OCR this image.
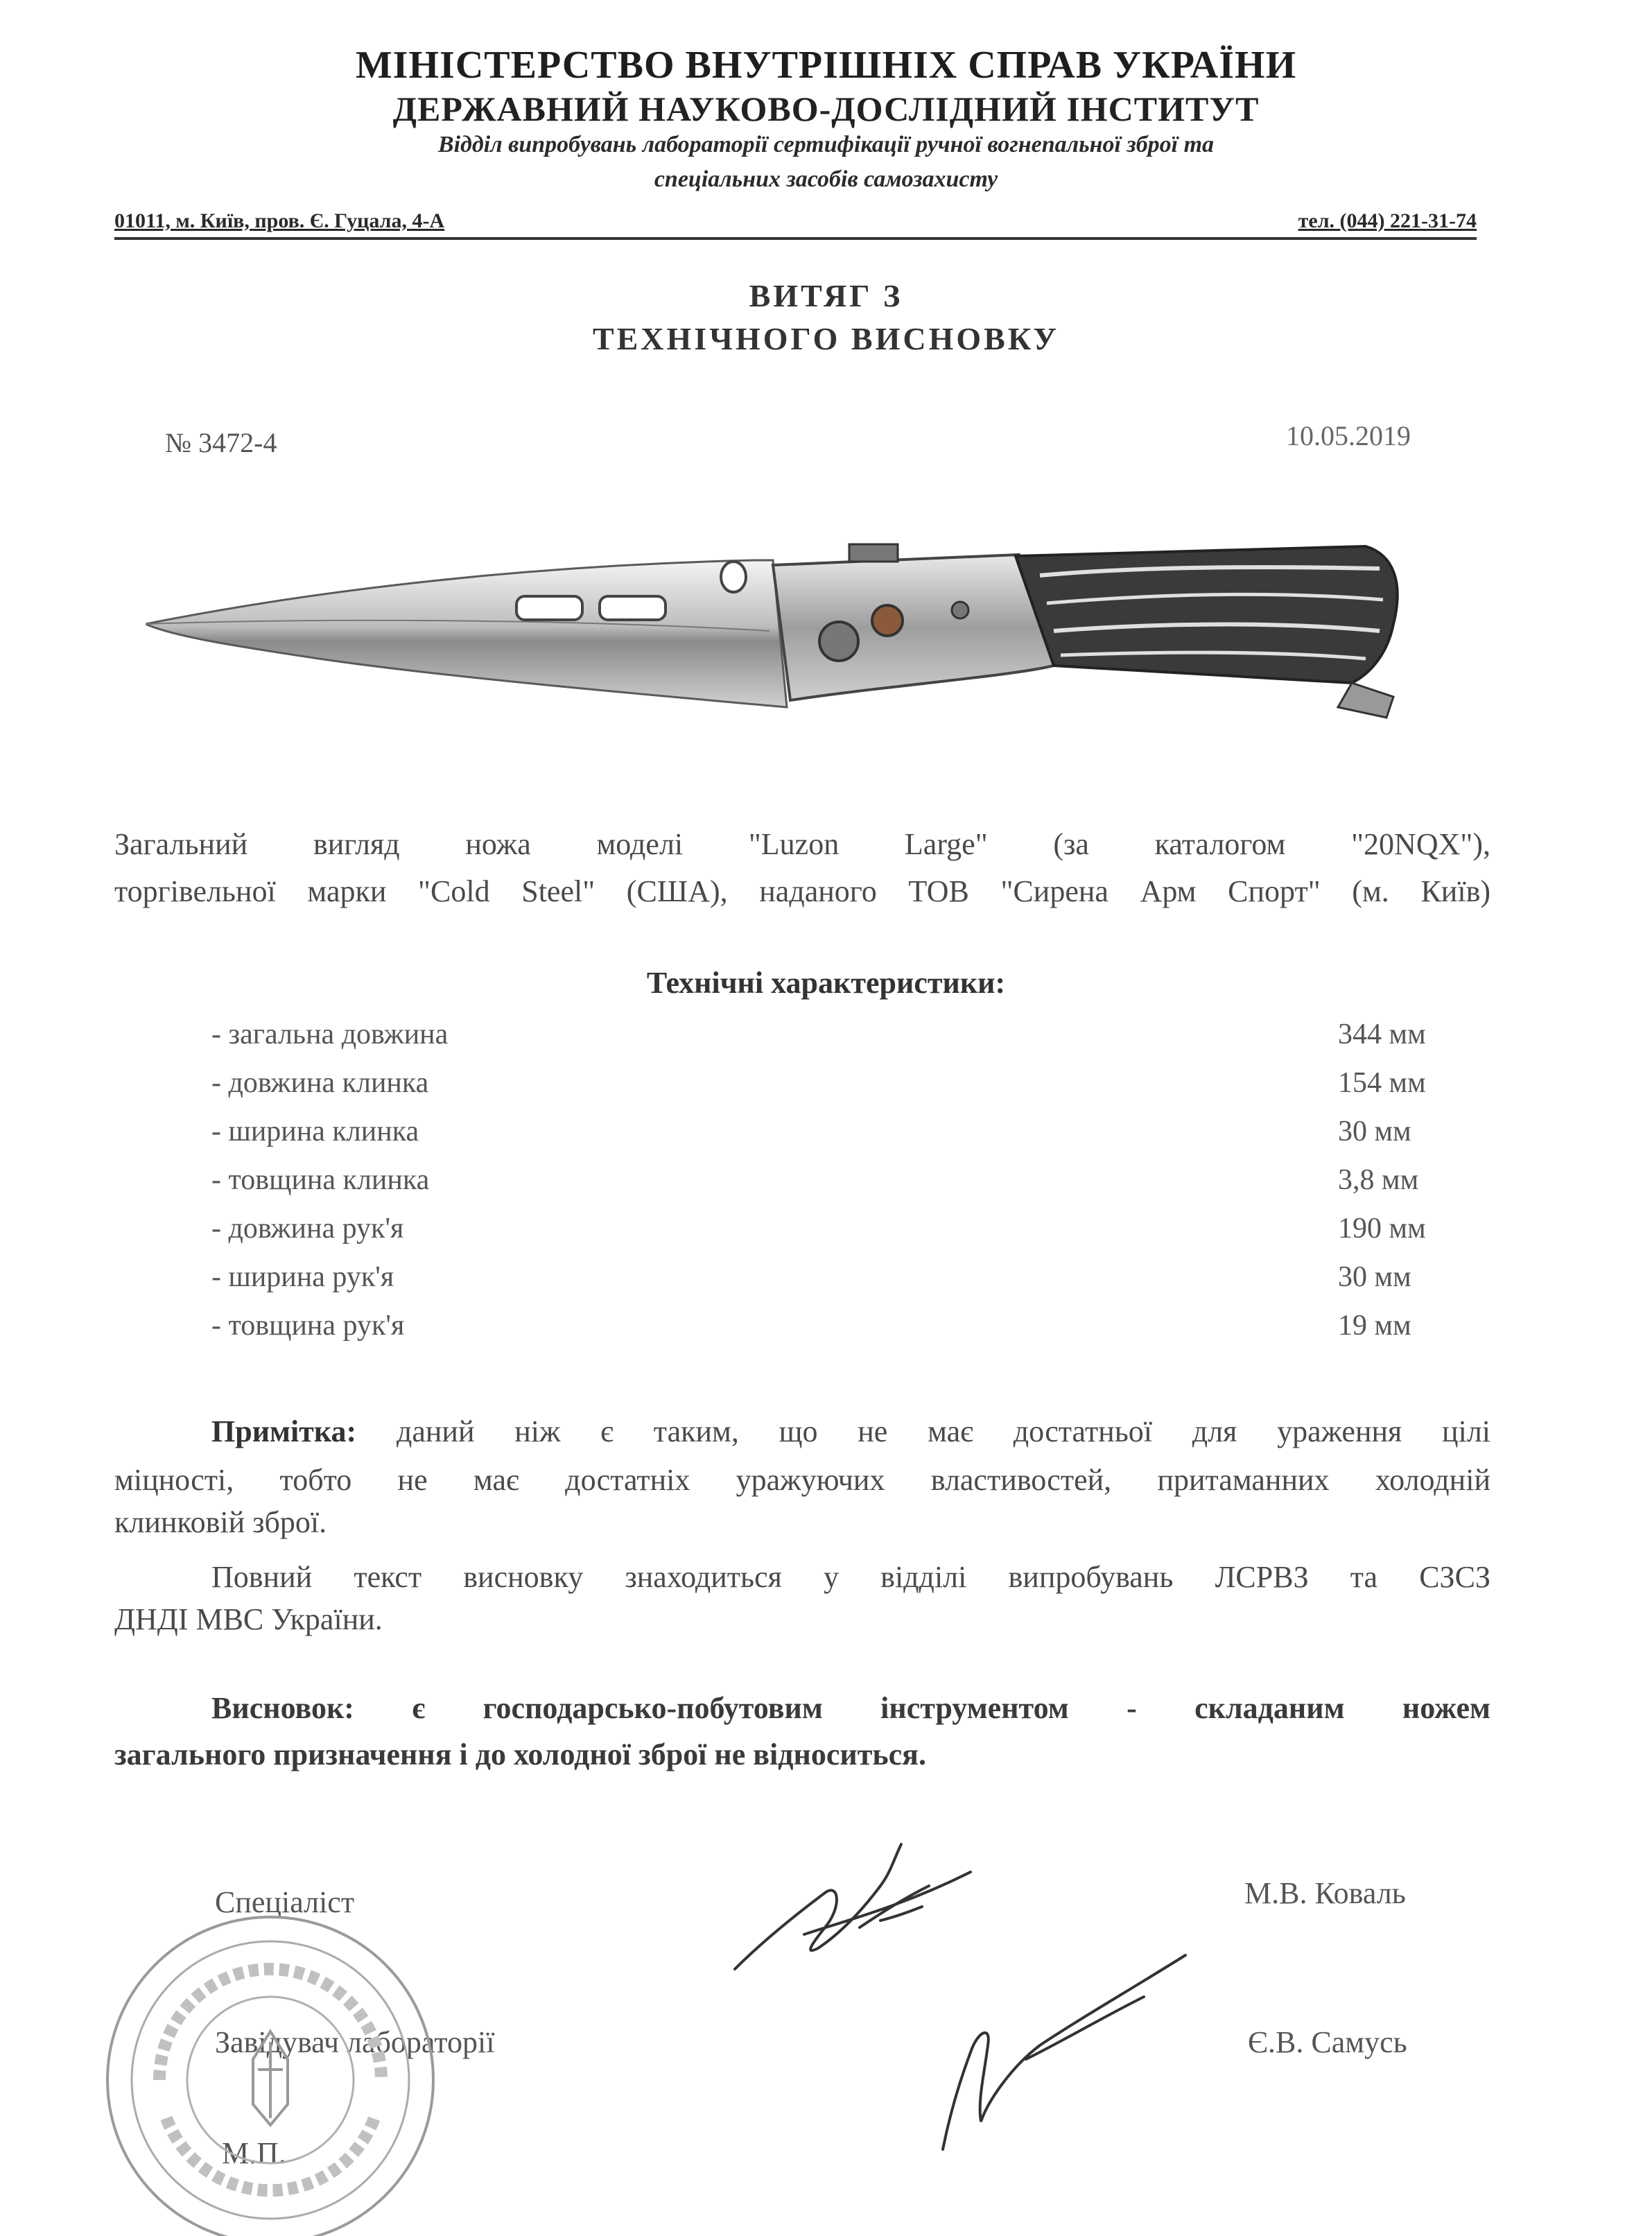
МІНІСТЕРСТВО ВНУТРІШНІХ СПРАВ УКРАЇНИ
ДЕРЖАВНИЙ НАУКОВО-ДОСЛІДНИЙ ІНСТИТУТ
Відділ випробувань лабораторії сертифікації ручної вогнепальної зброї та
спеціальних засобів самозахисту
01011, м. Київ, пров. Є. Гуцала, 4-А	тел. (044) 221-31-74
ВИТЯГ З
ТЕХНІЧНОГО ВИСНОВКУ
№ 3472-4	10.05.2019
Загальний вигляд ножа моделі "Luzon Large" (за каталогом "20NQX"),
торгівельної марки "Cold Steel" (США), наданого ТОВ "Сирена Арм Спорт" (м. Київ)
Технічні характеристики:
- загальна довжина	344 мм
- довжина клинка	154 мм
- ширина клинка	30 мм
- товщина клинка	3,8 мм
- довжина рук'я	190 мм
- ширина рук'я	30 мм
- товщина рук'я	19 мм
Примітка: даний ніж є таким, що не має достатньої для ураження цілі
міцності, тобто не має достатніх уражуючих властивостей, притаманних холодній
клинковій зброї.
Повний текст висновку знаходиться у відділі випробувань ЛСРВЗ та СЗСЗ
ДНДІ МВС України.
Висновок: є господарсько-побутовим інструментом - складаним ножем
загального призначення і до холодної зброї не відноситься.
Спеціаліст	М.В. Коваль
Завідувач лабораторії	Є.В. Самусь
М.П.
